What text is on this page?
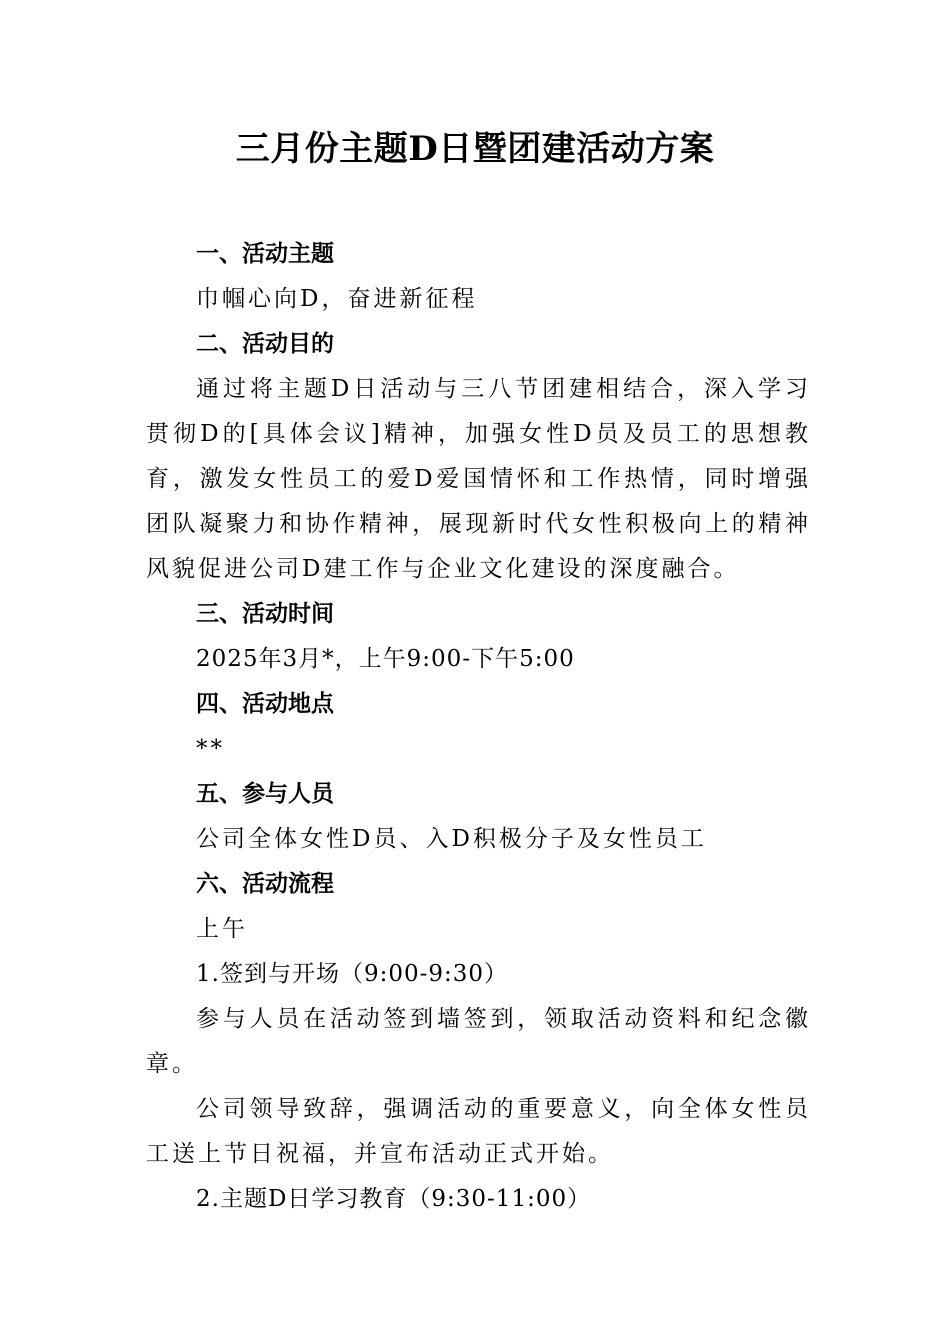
三月份主题D日暨团建活动方案

一、活动主题

巾帼心向D，奋进新征程

二、活动目的

通过将主题D日活动与三八节团建相结合，深入学习贯彻D的[具体会议]精神，加强女性D员及员工的思想教育，激发女性员工的爱D爱国情怀和工作热情，同时增强团队凝聚力和协作精神，展现新时代女性积极向上的精神风貌促进公司D建工作与企业文化建设的深度融合。

三、活动时间

2025年3月*，上午9:00-下午5:00

四、活动地点

**

五、参与人员

公司全体女性D员、入D积极分子及女性员工

六、活动流程

上午

1.签到与开场（9:00-9:30）

参与人员在活动签到墙签到，领取活动资料和纪念徽章。

公司领导致辞，强调活动的重要意义，向全体女性员工送上节日祝福，并宣布活动正式开始。

2.主题D日学习教育（9:30-11:00）
